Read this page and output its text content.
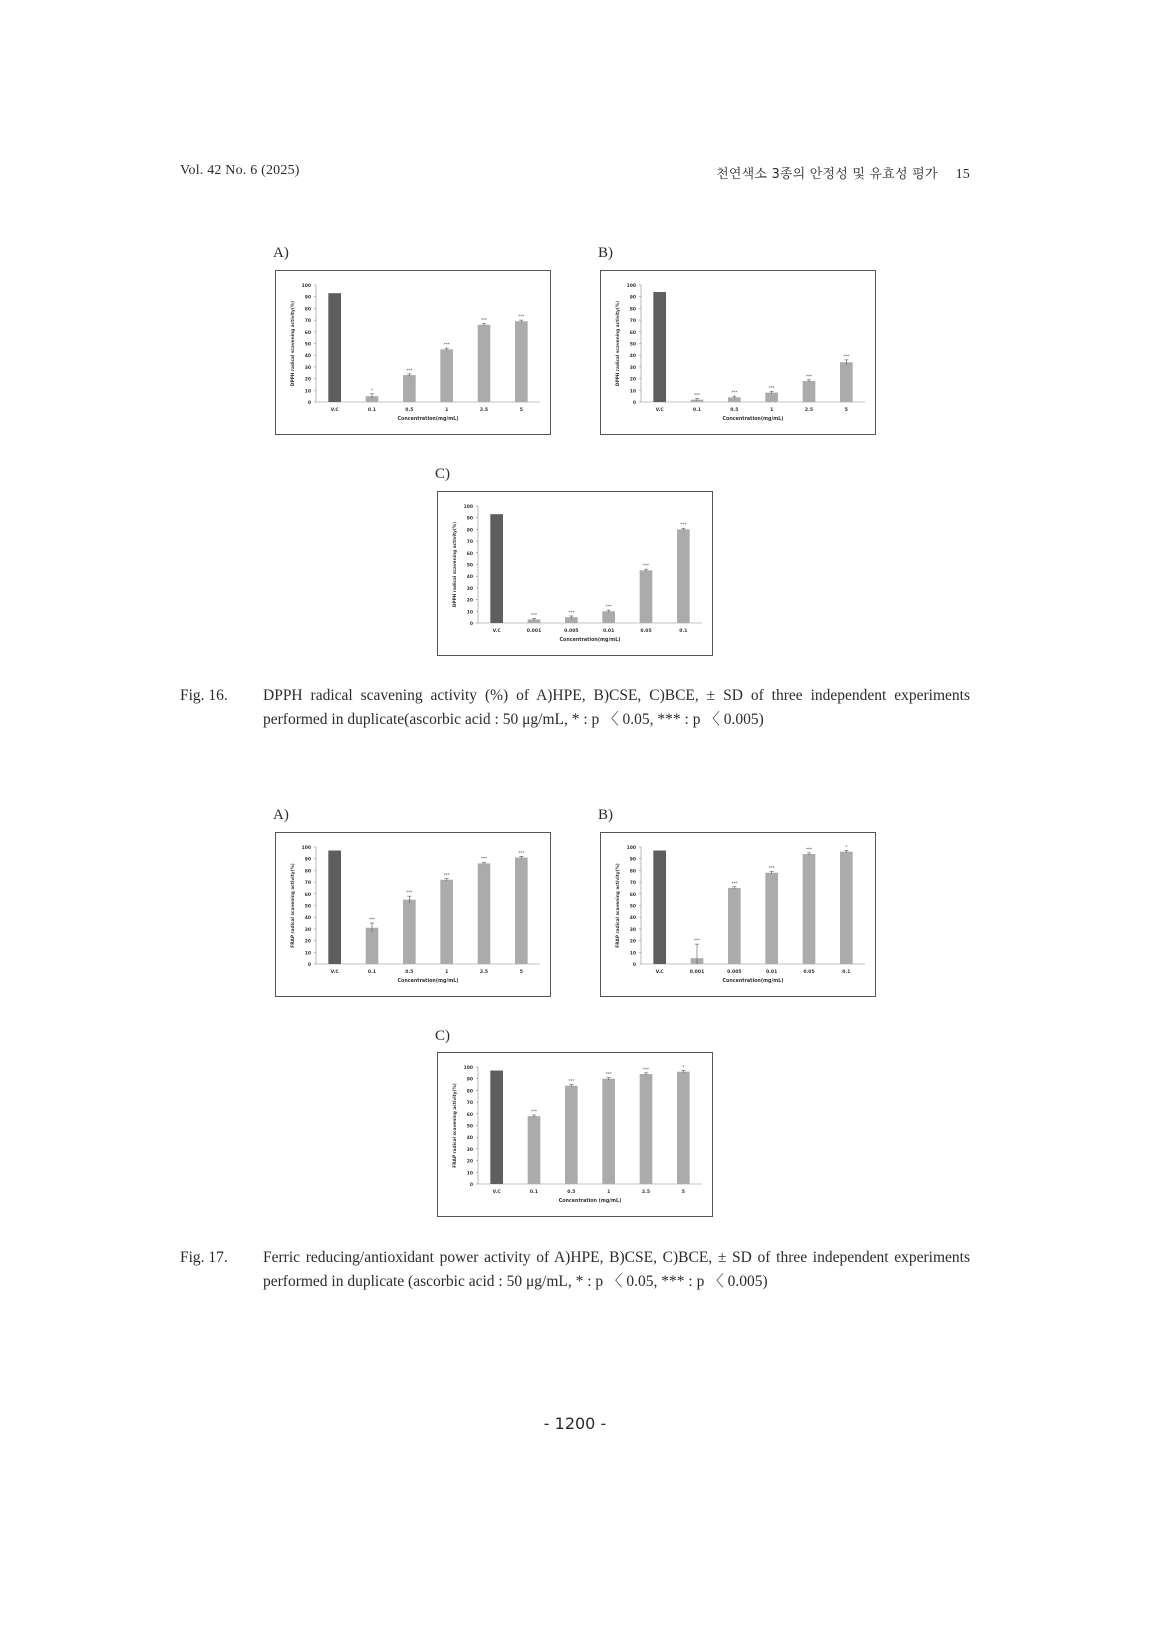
Vol. 42 No. 6 (2025)	천연색소 3종의 안정성 및 유효성 평가 15
A)
0
10
20
30
40
50
60
70
80
90
100
DPPH radical scavening activity(%)
V.C
*
0.1
***
0.5
***
1
***
2.5
***
5
Concentration(mg/mL)
B)
0
10
20
30
40
50
60
70
80
90
100
DPPH radical scavening activity(%)
V.C
***
0.1
***
0.5
***
1
***
2.5
***
5
Concentration(mg/mL)
C)
0
10
20
30
40
50
60
70
80
90
100
DPPH radical scavening activity(%)
V.C
***
0.001
***
0.005
***
0.01
***
0.05
***
0.1
Concentration(mg/mL)
Fig. 16. DPPH radical scavening activity (%) of A)HPE, B)CSE, C)BCE, ± SD of three independent experiments performed in duplicate(ascorbic acid : 50 μg/mL, * : p 〈 0.05, *** : p 〈 0.005)
A)
0
10
20
30
40
50
60
70
80
90
100
FRAP radical scavening activity(%)
V.C
***
0.1
***
0.5
***
1
***
2.5
***
5
Concentration(mg/mL)
B)
0
10
20
30
40
50
60
70
80
90
100
FRAP radical scavening activity(%)
V.C
***
0.001
***
0.005
***
0.01
***
0.05
*
0.1
Concentration(mg/mL)
C)
0
10
20
30
40
50
60
70
80
90
100
FRAP radical scavening activity(%)
V.C
***
0.1
***
0.5
***
1
***
2.5
*
5
Concentration (mg/mL)
Fig. 17. Ferric reducing/antioxidant power activity of A)HPE, B)CSE, C)BCE, ± SD of three independent experiments performed in duplicate (ascorbic acid : 50 μg/mL, * : p 〈 0.05, *** : p 〈 0.005)
- 1200 -
